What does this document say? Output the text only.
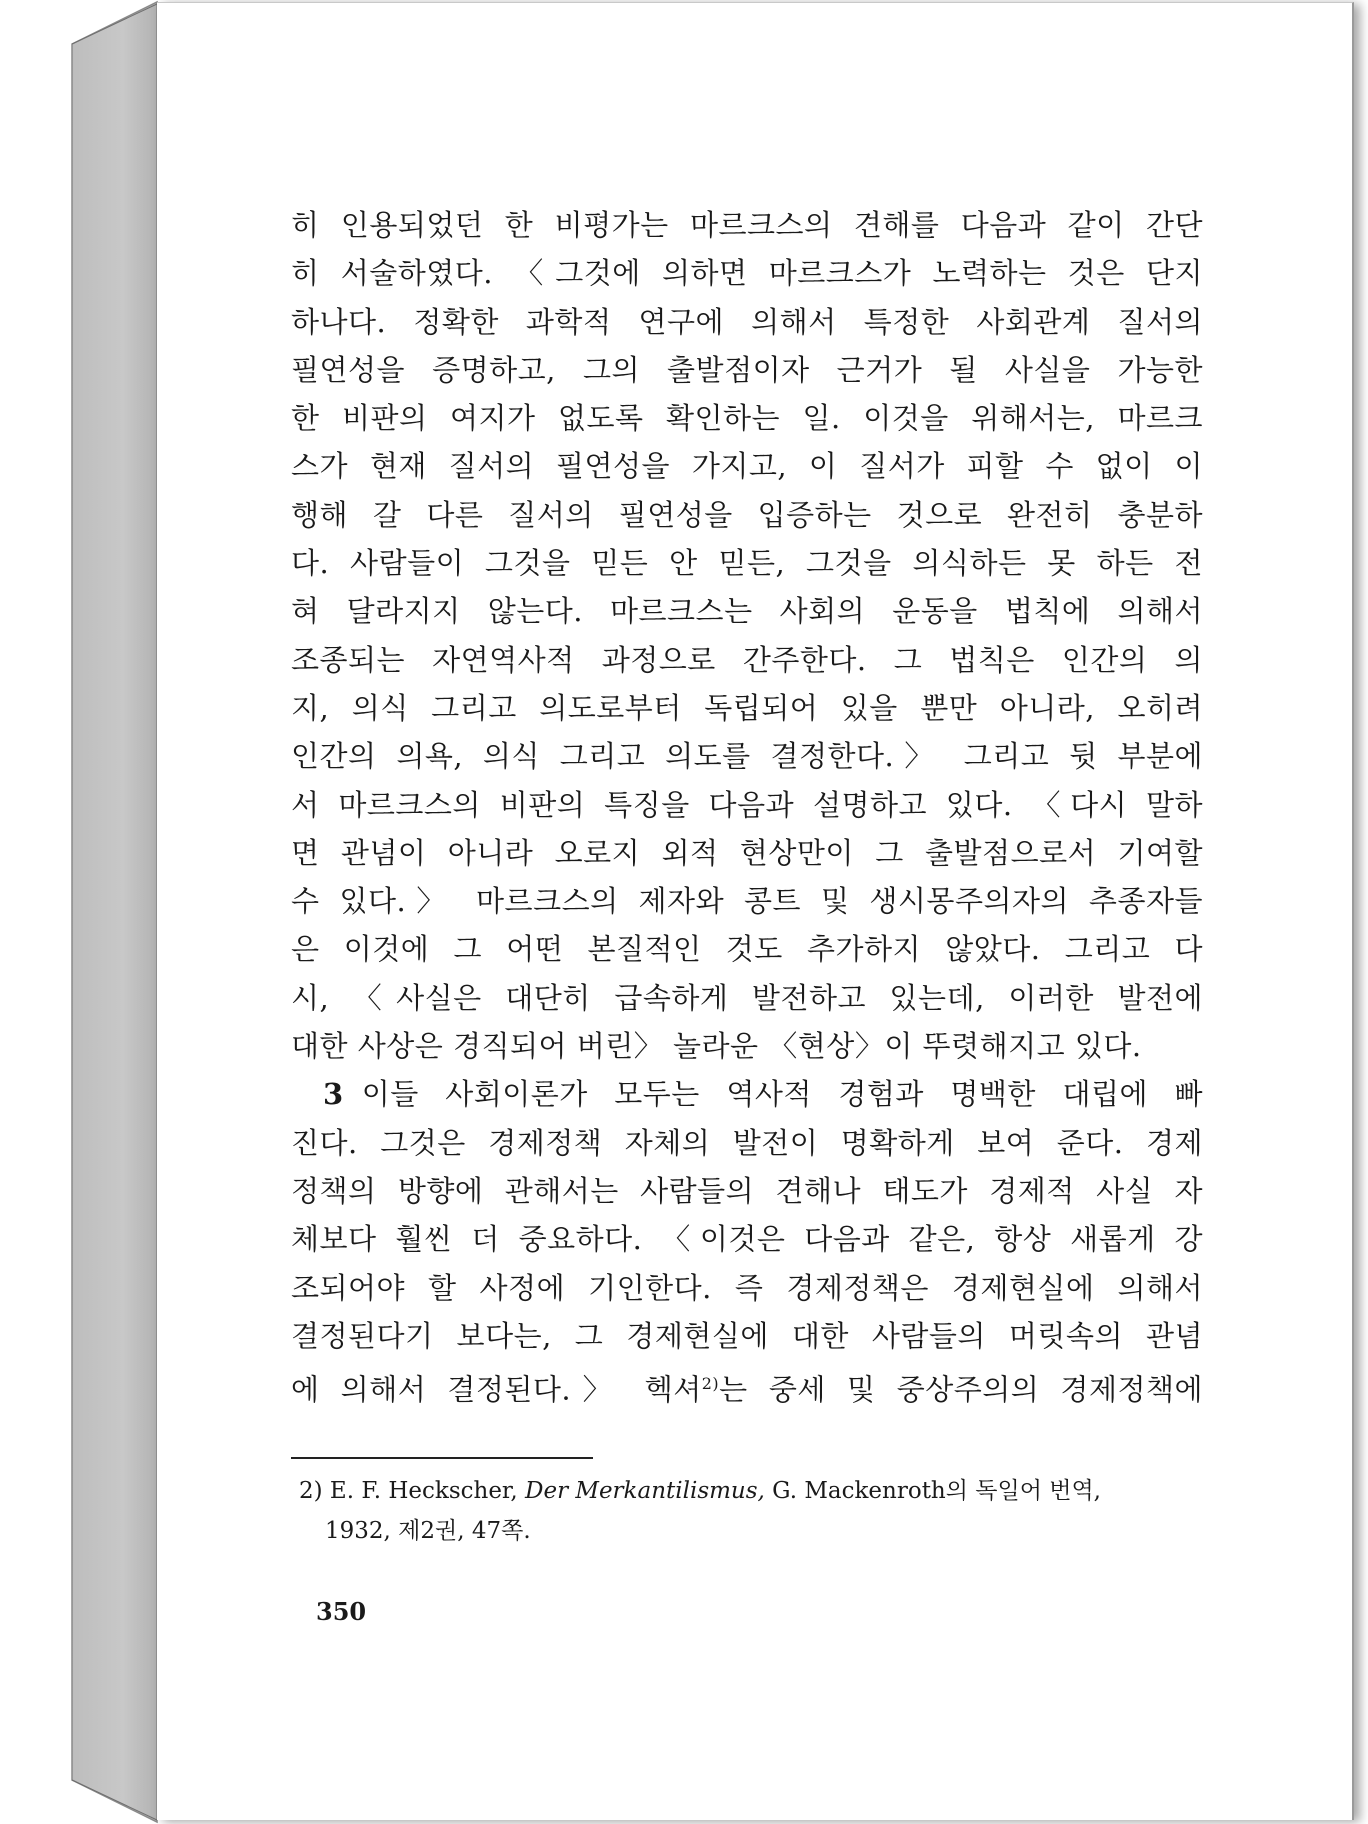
히 인용되었던 한 비평가는 마르크스의 견해를 다음과 같이 간단
히 서술하였다. 〈그것에 의하면 마르크스가 노력하는 것은 단지
하나다. 정확한 과학적 연구에 의해서 특정한 사회관계 질서의
필연성을 증명하고, 그의 출발점이자 근거가 될 사실을 가능한
한 비판의 여지가 없도록 확인하는 일. 이것을 위해서는, 마르크
스가 현재 질서의 필연성을 가지고, 이 질서가 피할 수 없이 이
행해 갈 다른 질서의 필연성을 입증하는 것으로 완전히 충분하
다. 사람들이 그것을 믿든 안 믿든, 그것을 의식하든 못 하든 전
혀 달라지지 않는다. 마르크스는 사회의 운동을 법칙에 의해서
조종되는 자연역사적 과정으로 간주한다. 그 법칙은 인간의 의
지, 의식 그리고 의도로부터 독립되어 있을 뿐만 아니라, 오히려
인간의 의욕, 의식 그리고 의도를 결정한다.〉 그리고 뒷 부분에
서 마르크스의 비판의 특징을 다음과 설명하고 있다. 〈다시 말하
면 관념이 아니라 오로지 외적 현상만이 그 출발점으로서 기여할
수 있다.〉 마르크스의 제자와 콩트 및 생시몽주의자의 추종자들
은 이것에 그 어떤 본질적인 것도 추가하지 않았다. 그리고 다
시, 〈사실은 대단히 급속하게 발전하고 있는데, 이러한 발전에
대한 사상은 경직되어 버린〉 놀라운 〈현상〉이 뚜렷해지고 있다.
3 이들 사회이론가 모두는 역사적 경험과 명백한 대립에 빠
진다. 그것은 경제정책 자체의 발전이 명확하게 보여 준다. 경제
정책의 방향에 관해서는 사람들의 견해나 태도가 경제적 사실 자
체보다 훨씬 더 중요하다. 〈이것은 다음과 같은, 항상 새롭게 강
조되어야 할 사정에 기인한다. 즉 경제정책은 경제현실에 의해서
결정된다기 보다는, 그 경제현실에 대한 사람들의 머릿속의 관념
에 의해서 결정된다.〉 헥셔$^{2)}$는 중세 및 중상주의의 경제정책에
2) E. F. Heckscher, Der Merkantilismus, G. Mackenroth의 독일어 번역,
1932, 제2권, 47쪽.
350
